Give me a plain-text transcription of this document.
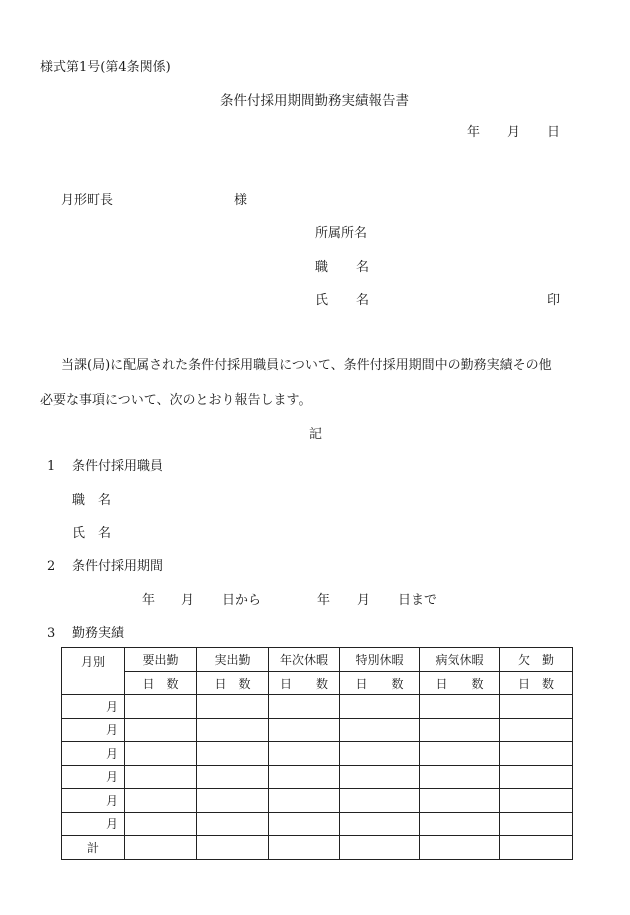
様式第1号(第4条関係)
条件付採用期間勤務実績報告書
年 月 日
月形町長	様
所属所名
職 名
氏 名	印
当課(局)に配属された条件付採用職員について、条件付採用期間中の勤務実績その他
必要な事項について、次のとおり報告します。
記
1 条件付採用職員
職 名
氏 名
2 条件付採用期間
年 月 日から	年 月 日まで
3 勤務実績
月別	要出勤	実出勤	年次休暇	特別休暇	病気休暇	欠　勤
	日　数	日　数	日　　数	日　　数	日　　数	日　数
月						
月						
月						
月						
月						
月						
計						
